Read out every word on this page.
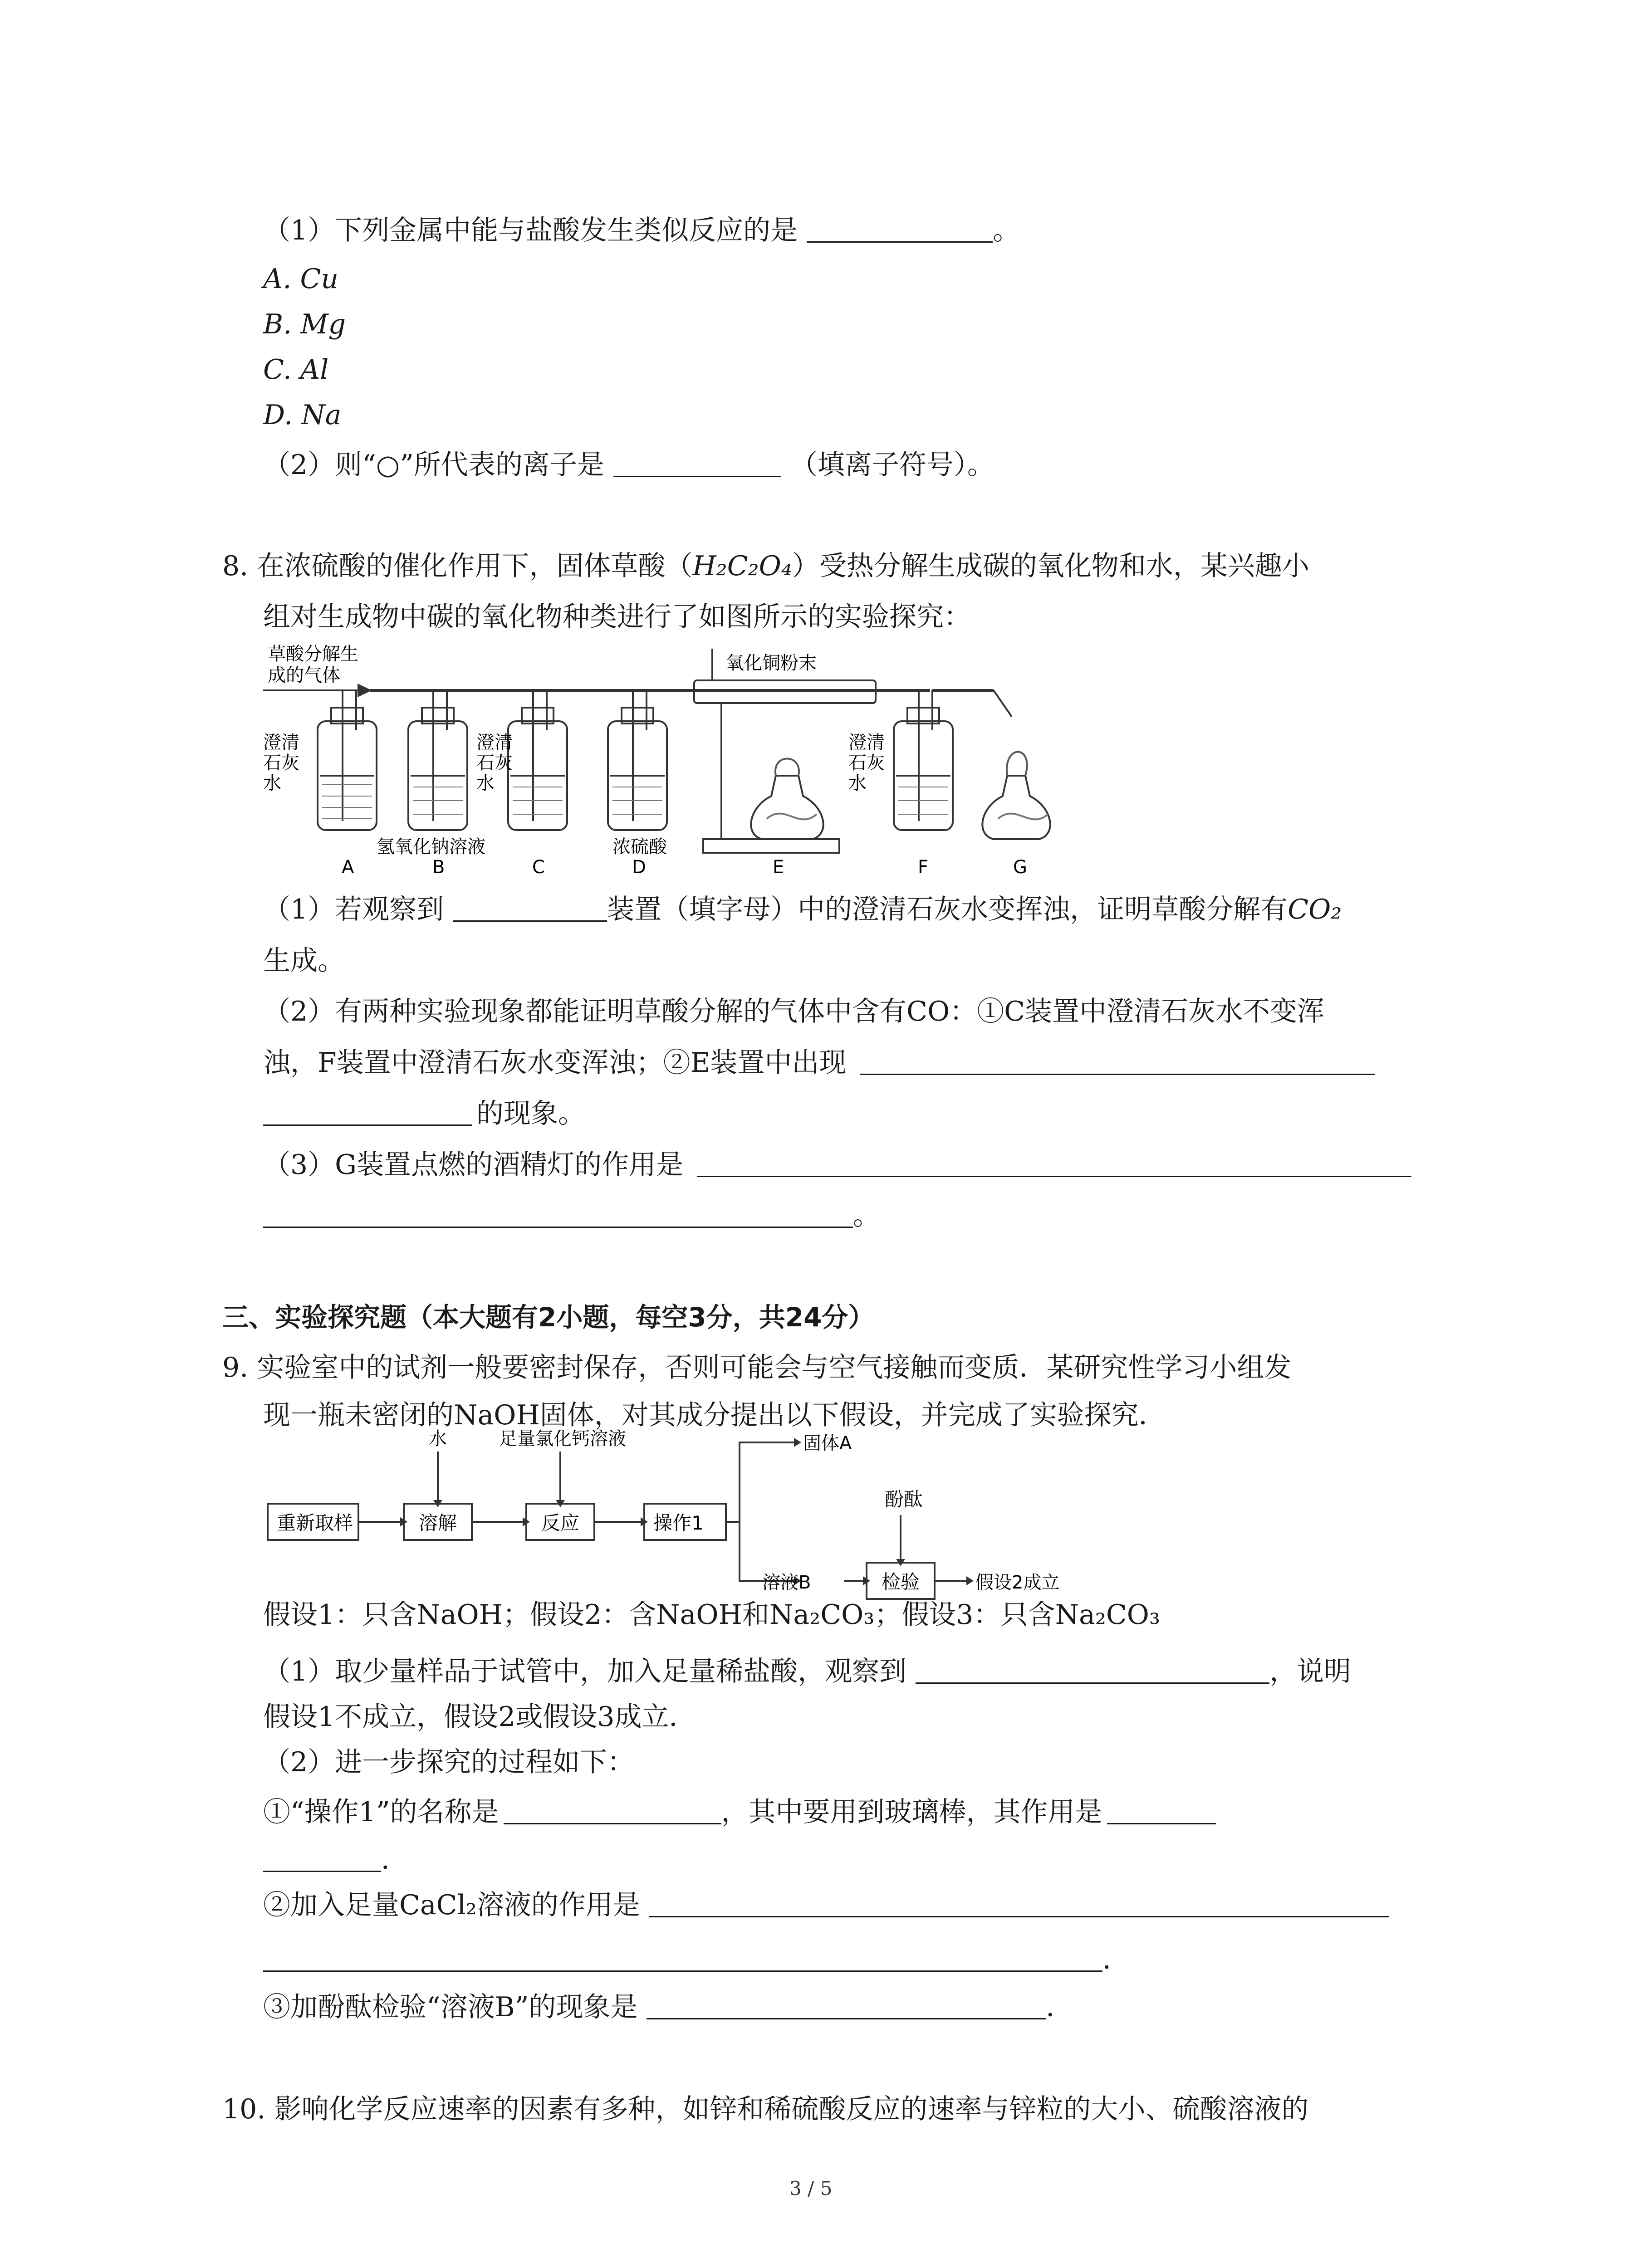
（1）下列金属中能与盐酸发生类似反应的是	。
A. Cu
B. Mg
C. Al
D. Na
（2）则“○”所代表的离子是	（填离子符号）。
8. 在浓硫酸的催化作用下，固体草酸（H₂C₂O₄）受热分解生成碳的氧化物和水，某兴趣小
组对生成物中碳的氧化物种类进行了如图所示的实验探究：
草酸分解生
成的气体
氧化铜粉末
澄清
石灰
水
澄清
石灰
水
澄清
石灰
水
氢氧化钠溶液	浓硫酸
A	B	C	D	E	F	G
（1）若观察到	装置（填字母）中的澄清石灰水变挥浊，证明草酸分解有CO₂
生成。
（2）有两种实验现象都能证明草酸分解的气体中含有CO：①C装置中澄清石灰水不变浑
浊，F装置中澄清石灰水变浑浊；②E装置中出现
的现象。
（3）G装置点燃的酒精灯的作用是
。
三、实验探究题（本大题有2小题，每空3分，共24分）
9. 实验室中的试剂一般要密封保存，否则可能会与空气接触而变质．某研究性学习小组发
现一瓶未密闭的NaOH固体，对其成分提出以下假设，并完成了实验探究．
重新取样	溶解	反应	操作1
检验
水	足量氯化钙溶液	固体A
溶液B
酚酞
假设2成立
假设1：只含NaOH；假设2：含NaOH和Na₂CO₃；假设3：只含Na₂CO₃
（1）取少量样品于试管中，加入足量稀盐酸，观察到	，说明
假设1不成立，假设2或假设3成立．
（2）进一步探究的过程如下：
①“操作1”的名称是	，其中要用到玻璃棒，其作用是
．
②加入足量CaCl₂溶液的作用是
．
③加酚酞检验“溶液B”的现象是	．
10. 影响化学反应速率的因素有多种，如锌和稀硫酸反应的速率与锌粒的大小、硫酸溶液的
3 / 5
